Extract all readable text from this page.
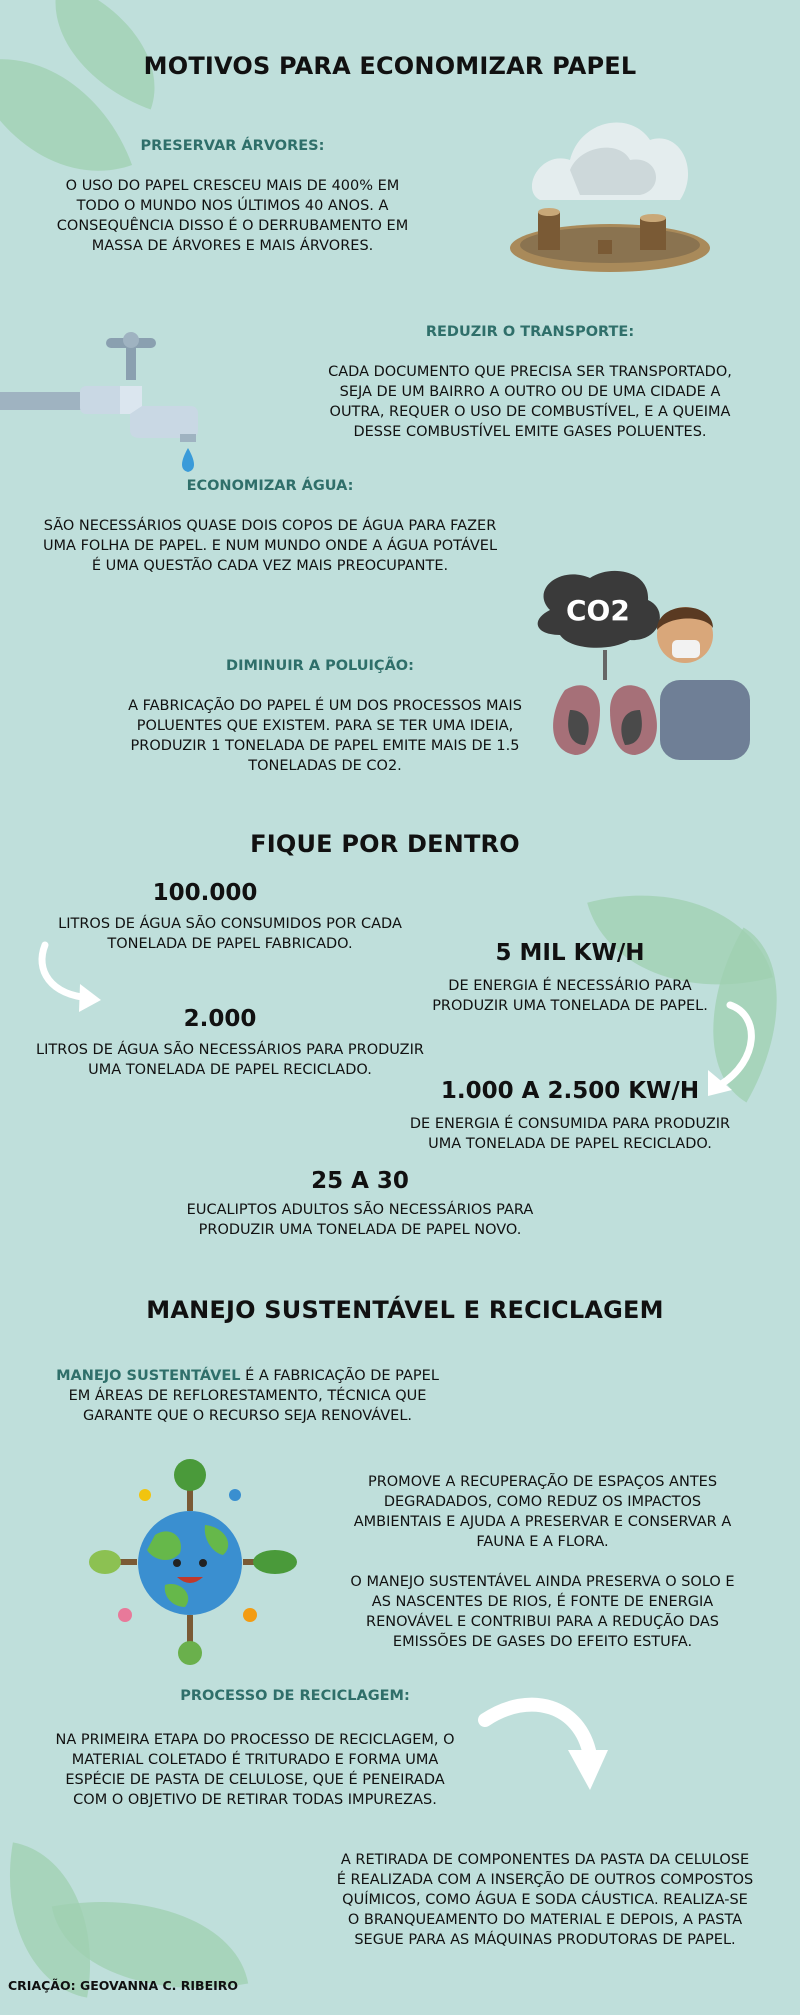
MOTIVOS PARA ECONOMIZAR PAPEL
PRESERVAR ÁRVORES:
O USO DO PAPEL CRESCEU MAIS DE 400% EM TODO O MUNDO NOS ÚLTIMOS 40 ANOS. A CONSEQUÊNCIA DISSO É O DERRUBAMENTO EM MASSA DE ÁRVORES E MAIS ÁRVORES.
REDUZIR O TRANSPORTE:
CADA DOCUMENTO QUE PRECISA SER TRANSPORTADO, SEJA DE UM BAIRRO A OUTRO OU DE UMA CIDADE A OUTRA, REQUER O USO DE COMBUSTÍVEL, E A QUEIMA DESSE COMBUSTÍVEL EMITE GASES POLUENTES.
ECONOMIZAR ÁGUA:
SÃO NECESSÁRIOS QUASE DOIS COPOS DE ÁGUA PARA FAZER UMA FOLHA DE PAPEL. E NUM MUNDO ONDE A ÁGUA POTÁVEL É UMA QUESTÃO CADA VEZ MAIS PREOCUPANTE.
CO2
DIMINUIR A POLUIÇÃO:
A FABRICAÇÃO DO PAPEL É UM DOS PROCESSOS MAIS POLUENTES QUE EXISTEM. PARA SE TER UMA IDEIA, PRODUZIR 1 TONELADA DE PAPEL EMITE MAIS DE 1.5 TONELADAS DE CO2.
FIQUE POR DENTRO
100.000
LITROS DE ÁGUA SÃO CONSUMIDOS POR CADA TONELADA DE PAPEL FABRICADO.	5 MIL KW/H
DE ENERGIA É NECESSÁRIO PARA PRODUZIR UMA TONELADA DE PAPEL.
2.000
LITROS DE ÁGUA SÃO NECESSÁRIOS PARA PRODUZIR UMA TONELADA DE PAPEL RECICLADO.
1.000 A 2.500 KW/H
DE ENERGIA É CONSUMIDA PARA PRODUZIR UMA TONELADA DE PAPEL RECICLADO.
25 A 30
EUCALIPTOS ADULTOS SÃO NECESSÁRIOS PARA PRODUZIR UMA TONELADA DE PAPEL NOVO.
MANEJO SUSTENTÁVEL E RECICLAGEM
MANEJO SUSTENTÁVEL É A FABRICAÇÃO DE PAPEL EM ÁREAS DE REFLORESTAMENTO, TÉCNICA QUE GARANTE QUE O RECURSO SEJA RENOVÁVEL.
PROMOVE A RECUPERAÇÃO DE ESPAÇOS ANTES DEGRADADOS, COMO REDUZ OS IMPACTOS AMBIENTAIS E AJUDA A PRESERVAR E CONSERVAR A FAUNA E A FLORA.
O MANEJO SUSTENTÁVEL AINDA PRESERVA O SOLO E AS NASCENTES DE RIOS, É FONTE DE ENERGIA RENOVÁVEL E CONTRIBUI PARA A REDUÇÃO DAS EMISSÕES DE GASES DO EFEITO ESTUFA.
PROCESSO DE RECICLAGEM:
NA PRIMEIRA ETAPA DO PROCESSO DE RECICLAGEM, O MATERIAL COLETADO É TRITURADO E FORMA UMA ESPÉCIE DE PASTA DE CELULOSE, QUE É PENEIRADA COM O OBJETIVO DE RETIRAR TODAS IMPUREZAS.
A RETIRADA DE COMPONENTES DA PASTA DA CELULOSE É REALIZADA COM A INSERÇÃO DE OUTROS COMPOSTOS QUÍMICOS, COMO ÁGUA E SODA CÁUSTICA. REALIZA-SE O BRANQUEAMENTO DO MATERIAL E DEPOIS, A PASTA SEGUE PARA AS MÁQUINAS PRODUTORAS DE PAPEL.
CRIAÇÃO: GEOVANNA C. RIBEIRO
